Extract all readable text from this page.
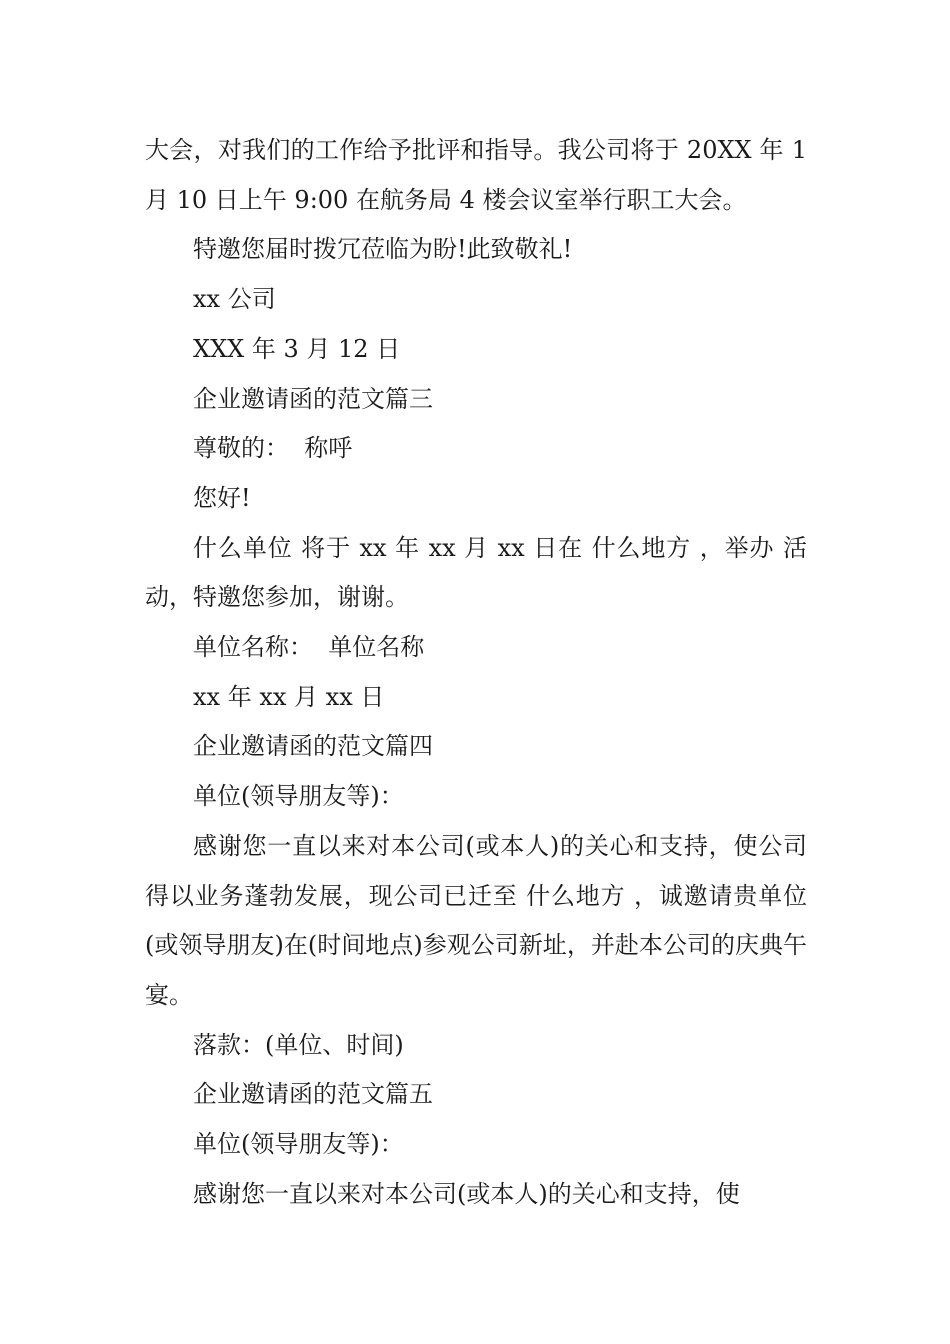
大会，对我们的工作给予批评和指导。我公司将于 20XX 年 1 月 10 日上午 9:00 在航务局 4 楼会议室举行职工大会。

特邀您届时拨冗莅临为盼!此致敬礼!

xx 公司

XXX 年 3 月 12 日

企业邀请函的范文篇三

尊敬的：  称呼

您好!

什么单位 将于 xx 年 xx 月 xx 日在 什么地方 ，举办 活动，特邀您参加，谢谢。

单位名称：  单位名称

xx 年 xx 月 xx 日

企业邀请函的范文篇四

单位(领导朋友等)：

感谢您一直以来对本公司(或本人)的关心和支持，使公司得以业务蓬勃发展，现公司已迁至 什么地方 ，诚邀请贵单位(或领导朋友)在(时间地点)参观公司新址，并赴本公司的庆典午宴。

落款：(单位、时间)

企业邀请函的范文篇五

单位(领导朋友等)：

感谢您一直以来对本公司(或本人)的关心和支持，使
